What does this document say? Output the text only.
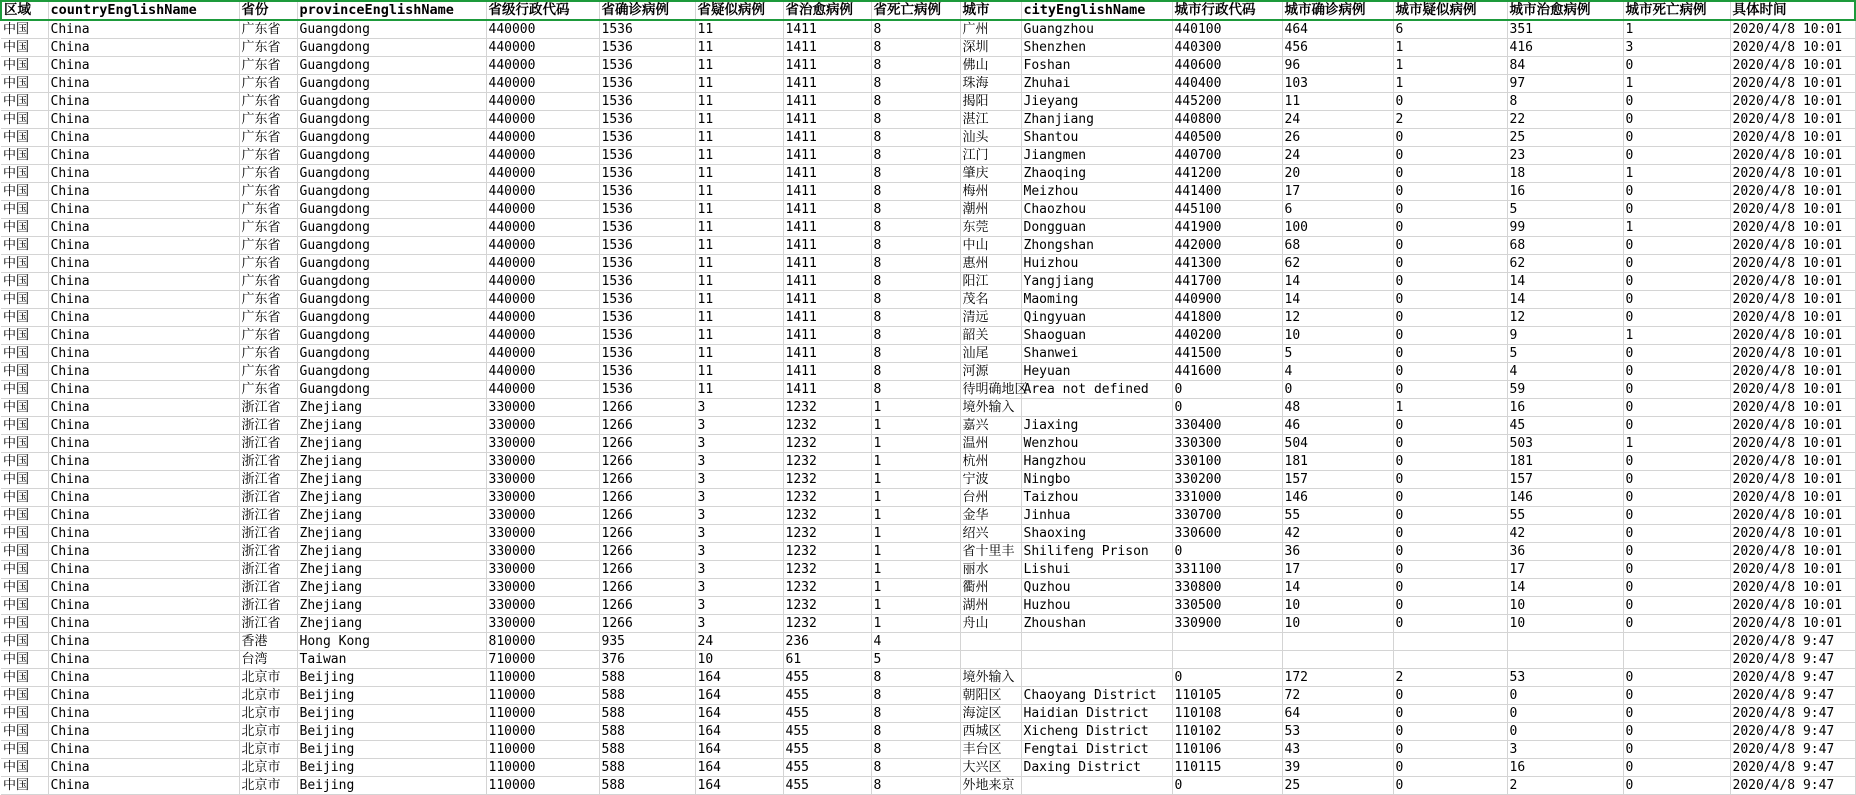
区域	countryEnglishName	省份	provinceEnglishName	省级行政代码	省确诊病例	省疑似病例	省治愈病例	省死亡病例	城市	cityEnglishName	城市行政代码	城市确诊病例	城市疑似病例	城市治愈病例	城市死亡病例	具体时间
中国	China	广东省	Guangdong	440000	1536	11	1411	8	广州	Guangzhou	440100	464	6	351	1	2020/4/8 10:01
中国	China	广东省	Guangdong	440000	1536	11	1411	8	深圳	Shenzhen	440300	456	1	416	3	2020/4/8 10:01
中国	China	广东省	Guangdong	440000	1536	11	1411	8	佛山	Foshan	440600	96	1	84	0	2020/4/8 10:01
中国	China	广东省	Guangdong	440000	1536	11	1411	8	珠海	Zhuhai	440400	103	1	97	1	2020/4/8 10:01
中国	China	广东省	Guangdong	440000	1536	11	1411	8	揭阳	Jieyang	445200	11	0	8	0	2020/4/8 10:01
中国	China	广东省	Guangdong	440000	1536	11	1411	8	湛江	Zhanjiang	440800	24	2	22	0	2020/4/8 10:01
中国	China	广东省	Guangdong	440000	1536	11	1411	8	汕头	Shantou	440500	26	0	25	0	2020/4/8 10:01
中国	China	广东省	Guangdong	440000	1536	11	1411	8	江门	Jiangmen	440700	24	0	23	0	2020/4/8 10:01
中国	China	广东省	Guangdong	440000	1536	11	1411	8	肇庆	Zhaoqing	441200	20	0	18	1	2020/4/8 10:01
中国	China	广东省	Guangdong	440000	1536	11	1411	8	梅州	Meizhou	441400	17	0	16	0	2020/4/8 10:01
中国	China	广东省	Guangdong	440000	1536	11	1411	8	潮州	Chaozhou	445100	6	0	5	0	2020/4/8 10:01
中国	China	广东省	Guangdong	440000	1536	11	1411	8	东莞	Dongguan	441900	100	0	99	1	2020/4/8 10:01
中国	China	广东省	Guangdong	440000	1536	11	1411	8	中山	Zhongshan	442000	68	0	68	0	2020/4/8 10:01
中国	China	广东省	Guangdong	440000	1536	11	1411	8	惠州	Huizhou	441300	62	0	62	0	2020/4/8 10:01
中国	China	广东省	Guangdong	440000	1536	11	1411	8	阳江	Yangjiang	441700	14	0	14	0	2020/4/8 10:01
中国	China	广东省	Guangdong	440000	1536	11	1411	8	茂名	Maoming	440900	14	0	14	0	2020/4/8 10:01
中国	China	广东省	Guangdong	440000	1536	11	1411	8	清远	Qingyuan	441800	12	0	12	0	2020/4/8 10:01
中国	China	广东省	Guangdong	440000	1536	11	1411	8	韶关	Shaoguan	440200	10	0	9	1	2020/4/8 10:01
中国	China	广东省	Guangdong	440000	1536	11	1411	8	汕尾	Shanwei	441500	5	0	5	0	2020/4/8 10:01
中国	China	广东省	Guangdong	440000	1536	11	1411	8	河源	Heyuan	441600	4	0	4	0	2020/4/8 10:01
中国	China	广东省	Guangdong	440000	1536	11	1411	8	待明确地区	Area not defined	0	0	0	59	0	2020/4/8 10:01
中国	China	浙江省	Zhejiang	330000	1266	3	1232	1	境外输入		0	48	1	16	0	2020/4/8 10:01
中国	China	浙江省	Zhejiang	330000	1266	3	1232	1	嘉兴	Jiaxing	330400	46	0	45	0	2020/4/8 10:01
中国	China	浙江省	Zhejiang	330000	1266	3	1232	1	温州	Wenzhou	330300	504	0	503	1	2020/4/8 10:01
中国	China	浙江省	Zhejiang	330000	1266	3	1232	1	杭州	Hangzhou	330100	181	0	181	0	2020/4/8 10:01
中国	China	浙江省	Zhejiang	330000	1266	3	1232	1	宁波	Ningbo	330200	157	0	157	0	2020/4/8 10:01
中国	China	浙江省	Zhejiang	330000	1266	3	1232	1	台州	Taizhou	331000	146	0	146	0	2020/4/8 10:01
中国	China	浙江省	Zhejiang	330000	1266	3	1232	1	金华	Jinhua	330700	55	0	55	0	2020/4/8 10:01
中国	China	浙江省	Zhejiang	330000	1266	3	1232	1	绍兴	Shaoxing	330600	42	0	42	0	2020/4/8 10:01
中国	China	浙江省	Zhejiang	330000	1266	3	1232	1	省十里丰	Shilifeng Prison	0	36	0	36	0	2020/4/8 10:01
中国	China	浙江省	Zhejiang	330000	1266	3	1232	1	丽水	Lishui	331100	17	0	17	0	2020/4/8 10:01
中国	China	浙江省	Zhejiang	330000	1266	3	1232	1	衢州	Quzhou	330800	14	0	14	0	2020/4/8 10:01
中国	China	浙江省	Zhejiang	330000	1266	3	1232	1	湖州	Huzhou	330500	10	0	10	0	2020/4/8 10:01
中国	China	浙江省	Zhejiang	330000	1266	3	1232	1	舟山	Zhoushan	330900	10	0	10	0	2020/4/8 10:01
中国	China	香港	Hong Kong	810000	935	24	236	4								2020/4/8 9:47
中国	China	台湾	Taiwan	710000	376	10	61	5								2020/4/8 9:47
中国	China	北京市	Beijing	110000	588	164	455	8	境外输入		0	172	2	53	0	2020/4/8 9:47
中国	China	北京市	Beijing	110000	588	164	455	8	朝阳区	Chaoyang District	110105	72	0	0	0	2020/4/8 9:47
中国	China	北京市	Beijing	110000	588	164	455	8	海淀区	Haidian District	110108	64	0	0	0	2020/4/8 9:47
中国	China	北京市	Beijing	110000	588	164	455	8	西城区	Xicheng District	110102	53	0	0	0	2020/4/8 9:47
中国	China	北京市	Beijing	110000	588	164	455	8	丰台区	Fengtai District	110106	43	0	3	0	2020/4/8 9:47
中国	China	北京市	Beijing	110000	588	164	455	8	大兴区	Daxing District	110115	39	0	16	0	2020/4/8 9:47
中国	China	北京市	Beijing	110000	588	164	455	8	外地来京		0	25	0	2	0	2020/4/8 9:47
